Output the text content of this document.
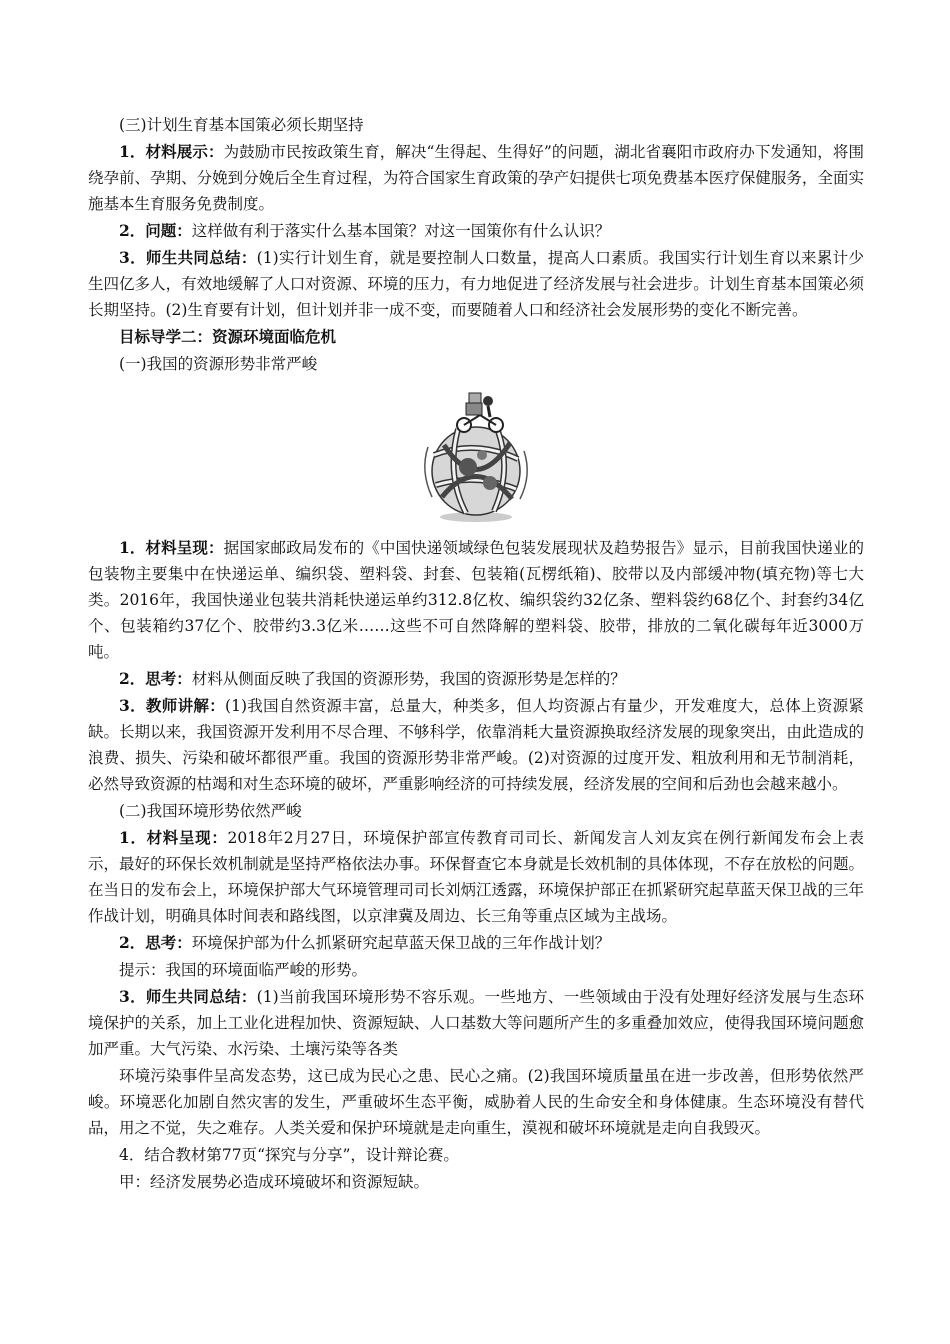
(三)计划生育基本国策必须长期坚持

1．材料展示：为鼓励市民按政策生育，解决“生得起、生得好”的问题，湖北省襄阳市政府办下发通知，将围绕孕前、孕期、分娩到分娩后全生育过程，为符合国家生育政策的孕产妇提供七项免费基本医疗保健服务，全面实施基本生育服务免费制度。

2．问题：这样做有利于落实什么基本国策？对这一国策你有什么认识？

3．师生共同总结：(1)实行计划生育，就是要控制人口数量，提高人口素质。我国实行计划生育以来累计少生四亿多人，有效地缓解了人口对资源、环境的压力，有力地促进了经济发展与社会进步。计划生育基本国策必须长期坚持。(2)生育要有计划，但计划并非一成不变，而要随着人口和经济社会发展形势的变化不断完善。

目标导学二：资源环境面临危机

(一)我国的资源形势非常严峻

1．材料呈现：据国家邮政局发布的《中国快递领域绿色包装发展现状及趋势报告》显示，目前我国快递业的包装物主要集中在快递运单、编织袋、塑料袋、封套、包装箱(瓦楞纸箱)、胶带以及内部缓冲物(填充物)等七大类。2016年，我国快递业包装共消耗快递运单约312.8亿枚、编织袋约32亿条、塑料袋约68亿个、封套约34亿个、包装箱约37亿个、胶带约3.3亿米……这些不可自然降解的塑料袋、胶带，排放的二氧化碳每年近3000万吨。

2．思考：材料从侧面反映了我国的资源形势，我国的资源形势是怎样的？

3．教师讲解：(1)我国自然资源丰富，总量大，种类多，但人均资源占有量少，开发难度大，总体上资源紧缺。长期以来，我国资源开发利用不尽合理、不够科学，依靠消耗大量资源换取经济发展的现象突出，由此造成的浪费、损失、污染和破坏都很严重。我国的资源形势非常严峻。(2)对资源的过度开发、粗放利用和无节制消耗，必然导致资源的枯竭和对生态环境的破坏，严重影响经济的可持续发展，经济发展的空间和后劲也会越来越小。

(二)我国环境形势依然严峻

1．材料呈现：2018年2月27日，环境保护部宣传教育司司长、新闻发言人刘友宾在例行新闻发布会上表示，最好的环保长效机制就是坚持严格依法办事。环保督查它本身就是长效机制的具体体现，不存在放松的问题。在当日的发布会上，环境保护部大气环境管理司司长刘炳江透露，环境保护部正在抓紧研究起草蓝天保卫战的三年作战计划，明确具体时间表和路线图，以京津冀及周边、长三角等重点区域为主战场。

2．思考：环境保护部为什么抓紧研究起草蓝天保卫战的三年作战计划？

提示：我国的环境面临严峻的形势。

3．师生共同总结：(1)当前我国环境形势不容乐观。一些地方、一些领域由于没有处理好经济发展与生态环境保护的关系，加上工业化进程加快、资源短缺、人口基数大等问题所产生的多重叠加效应，使得我国环境问题愈加严重。大气污染、水污染、土壤污染等各类

环境污染事件呈高发态势，这已成为民心之患、民心之痛。(2)我国环境质量虽在进一步改善，但形势依然严峻。环境恶化加剧自然灾害的发生，严重破坏生态平衡，威胁着人民的生命安全和身体健康。生态环境没有替代品，用之不觉，失之难存。人类关爱和保护环境就是走向重生，漠视和破坏环境就是走向自我毁灭。

4．结合教材第77页“探究与分享”，设计辩论赛。

甲：经济发展势必造成环境破坏和资源短缺。
